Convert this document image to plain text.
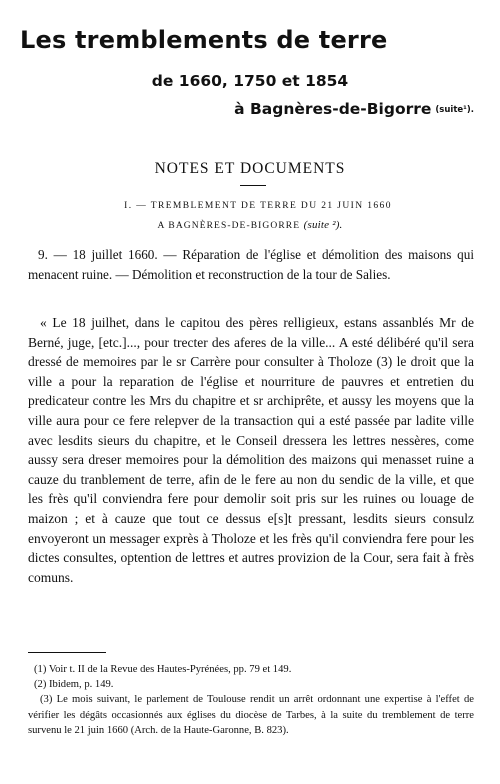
Les tremblements de terre
de 1660, 1750 et 1854
à Bagnères-de-Bigorre (suite¹).
NOTES ET DOCUMENTS
I. — TREMBLEMENT DE TERRE DU 21 JUIN 1660
A BAGNÈRES-DE-BIGORRE (suite ²).
9. — 18 juillet 1660. — Réparation de l'église et démolition des maisons qui menacent ruine. — Démolition et reconstruction de la tour de Salies.
« Le 18 juilhet, dans le capitou des pères relligieux, estans assanblés Mr de Berné, juge, [etc.]..., pour trecter des aferes de la ville... A esté délibéré qu'il sera dressé de memoires par le sr Carrère pour consulter à Tholoze (3) le droit que la ville a pour la reparation de l'église et nourriture de pauvres et entretien du predicateur contre les Mrs du chapitre et sr archiprête, et aussy les moyens que la ville aura pour ce fere relepver de la transaction qui a esté passée par ladite ville avec lesdits sieurs du chapitre, et le Conseil dressera les lettres nessères, come aussy sera dreser memoires pour la démolition des maizons qui menasset ruine a cauze du tranblement de terre, afin de le fere au non du sendic de la ville, et que les frès qu'il conviendra fere pour demolir soit pris sur les ruines ou louage de maizon ; et à cauze que tout ce dessus e[s]t pressant, lesdits sieurs consulz envoyeront un messager exprès à Tholoze et les frès qu'il conviendra fere pour les dictes consultes, optention de lettres et autres provizion de la Cour, sera fait à frès comuns.

(1) Voir t. II de la Revue des Hautes-Pyrénées, pp. 79 et 149.

(2) Ibidem, p. 149.

(3) Le mois suivant, le parlement de Toulouse rendit un arrêt ordonnant une expertise à l'effet de vérifier les dégâts occasionnés aux églises du diocèse de Tarbes, à la suite du tremblement de terre survenu le 21 juin 1660 (Arch. de la Haute-Garonne, B. 823).
